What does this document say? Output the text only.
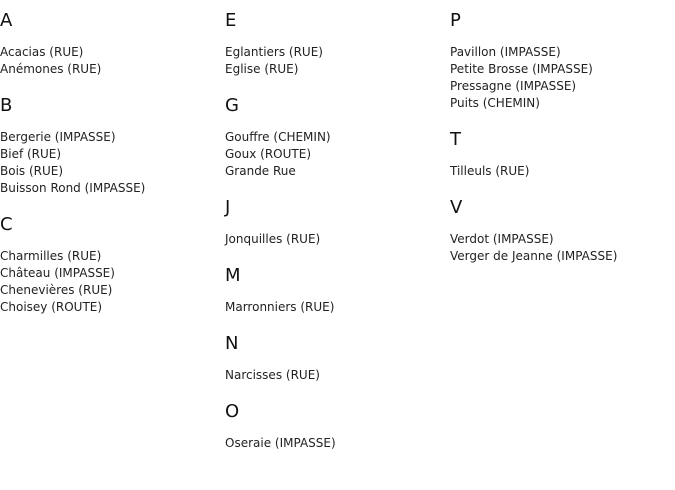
A
Acacias (RUE)
Anémones (RUE)
B
Bergerie (IMPASSE)
Bief (RUE)
Bois (RUE)
Buisson Rond (IMPASSE)
C
Charmilles (RUE)
Château (IMPASSE)
Chenevières (RUE)
Choisey (ROUTE)
E
Eglantiers (RUE)
Eglise (RUE)
G
Gouffre (CHEMIN)
Goux (ROUTE)
Grande Rue
J
Jonquilles (RUE)
M
Marronniers (RUE)
N
Narcisses (RUE)
O
Oseraie (IMPASSE)
P
Pavillon (IMPASSE)
Petite Brosse (IMPASSE)
Pressagne (IMPASSE)
Puits (CHEMIN)
T
Tilleuls (RUE)
V
Verdot (IMPASSE)
Verger de Jeanne (IMPASSE)
